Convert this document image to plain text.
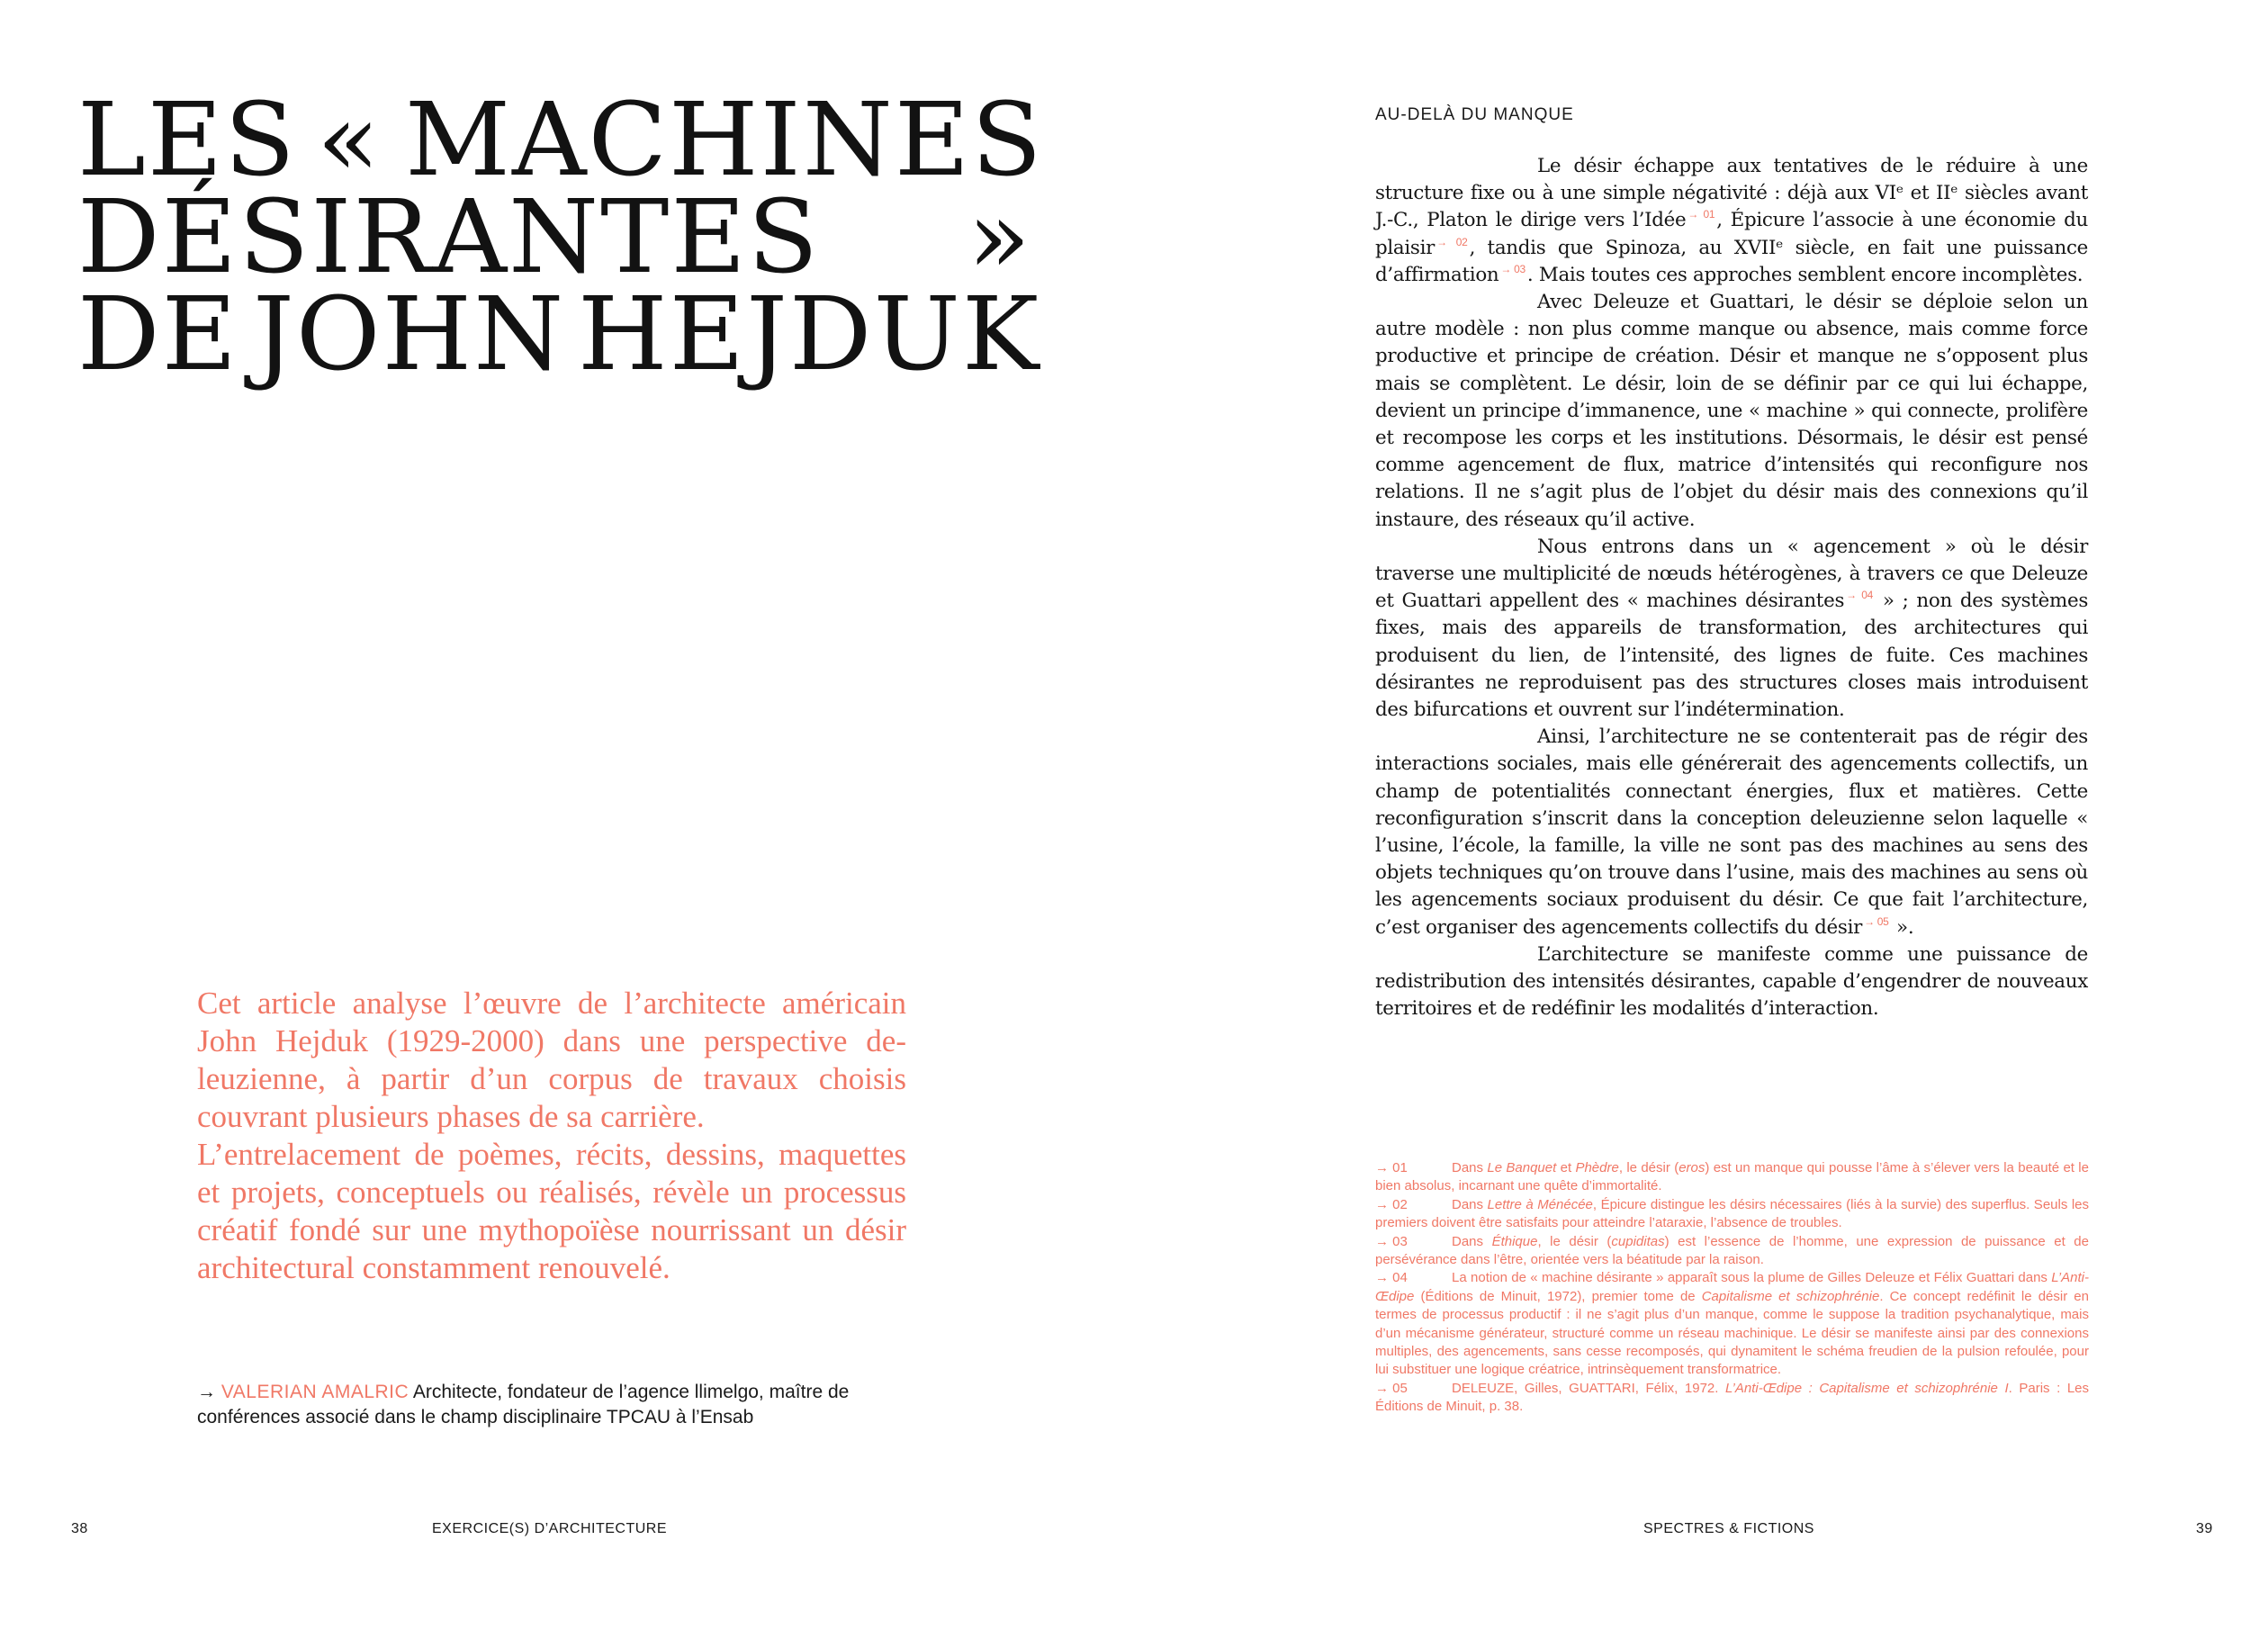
LES « MACHINES
DÉSIRANTES »
DE JOHN HEJDUK

Cet article analyse l’œuvre de l’architecte américain John Hejduk (1929-2000) dans une perspective deleuzienne, à partir d’un corpus de travaux choisis couvrant plusieurs phases de sa carrière.

L’entrelacement de poèmes, récits, dessins, maquettes et projets, conceptuels ou réalisés, révèle un processus créatif fondé sur une mythopoïèse nourrissant un désir architectural constamment renouvelé.

→ VALERIAN AMALRIC Architecte, fondateur de l’agence llimelgo, maître de conférences associé dans le champ disciplinaire TPCAU à l’Ensab
38	EXERCICE(S) D’ARCHITECTURE
AU-DELÀ DU MANQUE

Le désir échappe aux tentatives de le réduire à une structure fixe ou à une simple négativité : déjà aux VIᵉ et IIᵉ siècles avant J.-C., Platon le dirige vers l’Idée $^{\to 01}$, Épicure l’associe à une économie du plaisir $^{\to 02}$, tandis que Spinoza, au XVIIᵉ siècle, en fait une puissance d’affirmation $^{\to 03}$. Mais toutes ces approches semblent encore incomplètes.

Avec Deleuze et Guattari, le désir se déploie selon un autre modèle : non plus comme manque ou absence, mais comme force productive et principe de création. Désir et manque ne s’opposent plus mais se complètent. Le désir, loin de se définir par ce qui lui échappe, devient un principe d’immanence, une « machine » qui connecte, prolifère et recompose les corps et les institutions. Désormais, le désir est pensé comme agencement de flux, matrice d’intensités qui reconfigure nos relations. Il ne s’agit plus de l’objet du désir mais des connexions qu’il instaure, des réseaux qu’il active.

Nous entrons dans un « agencement » où le désir traverse une multiplicité de nœuds hétérogènes, à travers ce que Deleuze et Guattari appellent des « machines désirantes $^{\to 04}$ » ; non des systèmes fixes, mais des appareils de transformation, des architectures qui produisent du lien, de l’intensité, des lignes de fuite. Ces machines désirantes ne reproduisent pas des structures closes mais introduisent des bifurcations et ouvrent sur l’indétermination.

Ainsi, l’architecture ne se contenterait pas de régir des interactions sociales, mais elle générerait des agencements collectifs, un champ de potentialités connectant énergies, flux et matières. Cette reconfiguration s’inscrit dans la conception deleuzienne selon laquelle « l’usine, l’école, la famille, la ville ne sont pas des machines au sens des objets techniques qu’on trouve dans l’usine, mais des machines au sens où les agencements sociaux produisent du désir. Ce que fait l’architecture, c’est organiser des agencements collectifs du désir $^{\to 05}$ ».

L’architecture se manifeste comme une puissance de redistribution des intensités désirantes, capable d’engendrer de nouveaux territoires et de redéfinir les modalités d’interaction.

→ 01	Dans Le Banquet et Phèdre, le désir (eros) est un manque qui pousse l’âme à s’élever vers la beauté et le bien absolus, incarnant une quête d’immortalité.
→ 02	Dans Lettre à Ménécée, Épicure distingue les désirs nécessaires (liés à la survie) des superflus. Seuls les premiers doivent être satisfaits pour atteindre l’ataraxie, l’absence de troubles.
→ 03	Dans Éthique, le désir (cupiditas) est l’essence de l’homme, une expression de puissance et de persévérance dans l’être, orientée vers la béatitude par la raison.
→ 04	La notion de « machine désirante » apparaît sous la plume de Gilles Deleuze et Félix Guattari dans L’Anti-Œdipe (Éditions de Minuit, 1972), premier tome de Capitalisme et schizophrénie. Ce concept redéfinit le désir en termes de processus productif : il ne s’agit plus d’un manque, comme le suppose la tradition psychanalytique, mais d’un mécanisme générateur, structuré comme un réseau machinique. Le désir se manifeste ainsi par des connexions multiples, des agencements, sans cesse recomposés, qui dynamitent le schéma freudien de la pulsion refoulée, pour lui substituer une logique créatrice, intrinsèquement transformatrice.
→ 05	DELEUZE, Gilles, GUATTARI, Félix, 1972. L’Anti-Œdipe : Capitalisme et schizophrénie I. Paris : Les Éditions de Minuit, p. 38.
SPECTRES & FICTIONS	39
